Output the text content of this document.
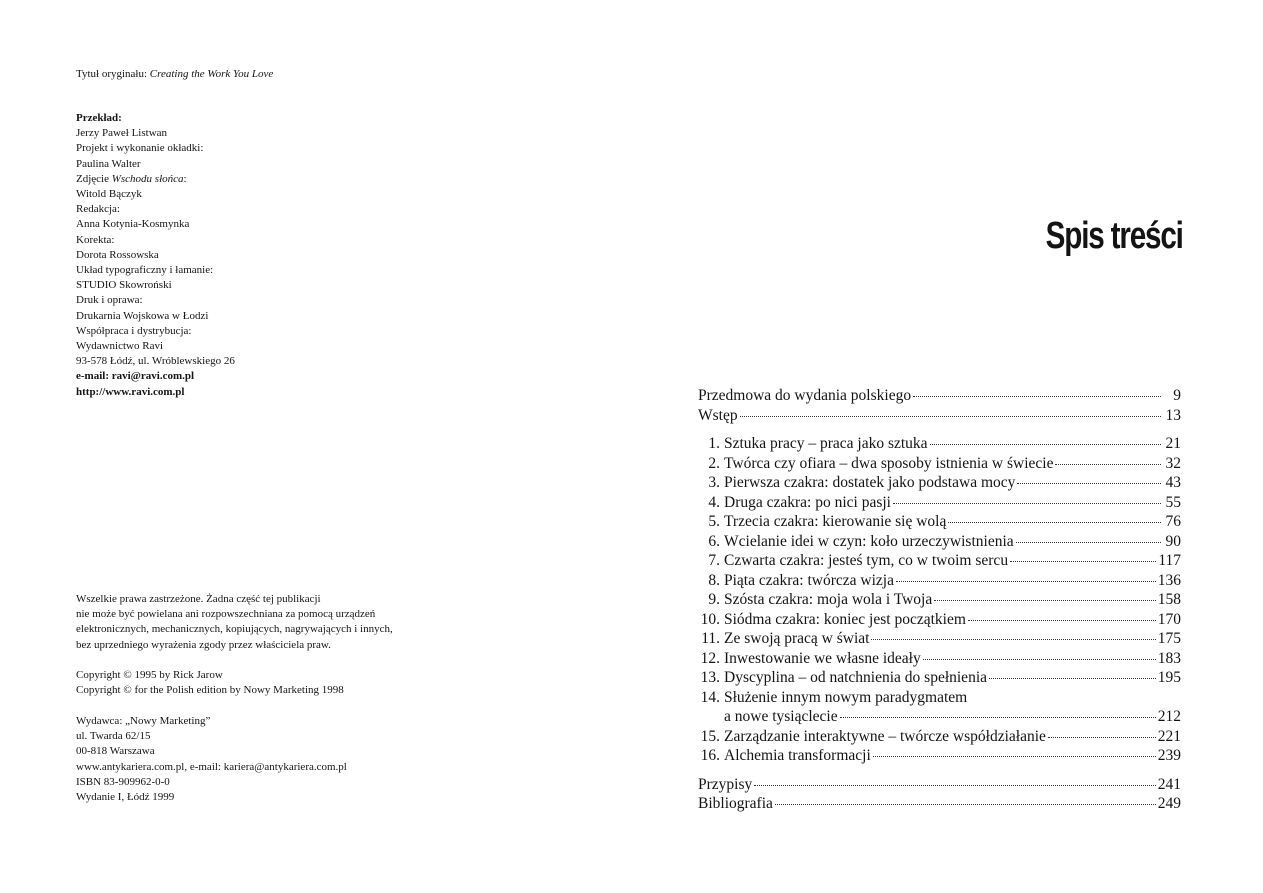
Tytuł oryginału: Creating the Work You Love
Przekład:
Jerzy Paweł Listwan
Projekt i wykonanie okładki:
Paulina Walter
Zdjęcie Wschodu słońca:
Witold Bączyk
Redakcja:
Anna Kotynia-Kosmynka
Korekta:
Dorota Rossowska
Układ typograficzny i łamanie:
STUDIO Skowroński
Druk i oprawa:
Drukarnia Wojskowa w Łodzi
Współpraca i dystrybucja:
Wydawnictwo Ravi
93-578 Łódź, ul. Wróblewskiego 26
e-mail: ravi@ravi.com.pl
http://www.ravi.com.pl
Wszelkie prawa zastrzeżone. Żadna część tej publikacji
nie może być powielana ani rozpowszechniana za pomocą urządzeń
elektronicznych, mechanicznych, kopiujących, nagrywających i innych,
bez uprzedniego wyrażenia zgody przez właściciela praw.
Copyright © 1995 by Rick Jarow
Copyright © for the Polish edition by Nowy Marketing 1998
Wydawca: „Nowy Marketing”
ul. Twarda 62/15
00-818 Warszawa
www.antykariera.com.pl, e-mail: kariera@antykariera.com.pl
ISBN 83-909962-0-0
Wydanie I, Łódź 1999
Spis treści
Przedmowa do wydania polskiego	9
Wstęp	13
1. Sztuka pracy – praca jako sztuka	21
2. Twórca czy ofiara – dwa sposoby istnienia w świecie	32
3. Pierwsza czakra: dostatek jako podstawa mocy	43
4. Druga czakra: po nici pasji	55
5. Trzecia czakra: kierowanie się wolą	76
6. Wcielanie idei w czyn: koło urzeczywistnienia	90
7. Czwarta czakra: jesteś tym, co w twoim sercu	117
8. Piąta czakra: twórcza wizja	136
9. Szósta czakra: moja wola i Twoja	158
10. Siódma czakra: koniec jest początkiem	170
11. Ze swoją pracą w świat	175
12. Inwestowanie we własne ideały	183
13. Dyscyplina – od natchnienia do spełnienia	195
14. Służenie innym nowym paradygmatem
a nowe tysiąclecie	212
15. Zarządzanie interaktywne – twórcze współdziałanie	221
16. Alchemia transformacji	239
Przypisy	241
Bibliografia	249
